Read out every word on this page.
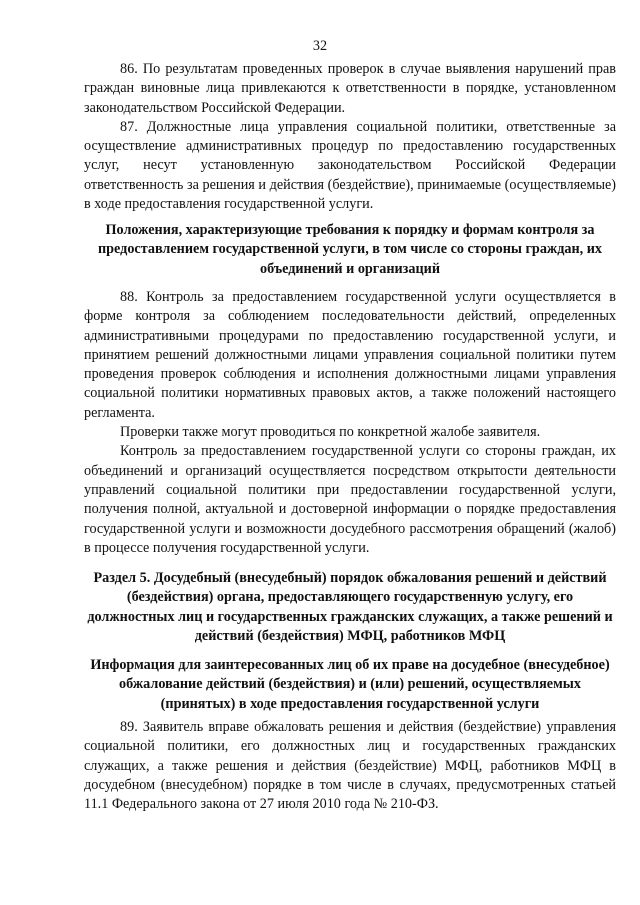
32

86. По результатам проведенных проверок в случае выявления нарушений прав граждан виновные лица привлекаются к ответственности в порядке, установленном законодательством Российской Федерации.

87. Должностные лица управления социальной политики, ответственные за осуществление административных процедур по предоставлению государственных услуг, несут установленную законодательством Российской Федерации ответственность за решения и действия (бездействие), принимаемые (осуществляемые) в ходе предоставления государственной услуги.

Положения, характеризующие требования к порядку и формам контроля за предоставлением государственной услуги, в том числе со стороны граждан, их объединений и организаций

88. Контроль за предоставлением государственной услуги осуществляется в форме контроля за соблюдением последовательности действий, определенных административными процедурами по предоставлению государственной услуги, и принятием решений должностными лицами управления социальной политики путем проведения проверок соблюдения и исполнения должностными лицами управления социальной политики нормативных правовых актов, а также положений настоящего регламента.

Проверки также могут проводиться по конкретной жалобе заявителя.

Контроль за предоставлением государственной услуги со стороны граждан, их объединений и организаций осуществляется посредством открытости деятельности управлений социальной политики при предоставлении государственной услуги, получения полной, актуальной и достоверной информации о порядке предоставления государственной услуги и возможности досудебного рассмотрения обращений (жалоб) в процессе получения государственной услуги.

Раздел 5. Досудебный (внесудебный) порядок обжалования решений и действий (бездействия) органа, предоставляющего государственную услугу, его должностных лиц и государственных гражданских служащих, а также решений и действий (бездействия) МФЦ, работников МФЦ

Информация для заинтересованных лиц об их праве на досудебное (внесудебное) обжалование действий (бездействия) и (или) решений, осуществляемых (принятых) в ходе предоставления государственной услуги

89. Заявитель вправе обжаловать решения и действия (бездействие) управления социальной политики, его должностных лиц и государственных гражданских служащих, а также решения и действия (бездействие) МФЦ, работников МФЦ в досудебном (внесудебном) порядке в том числе в случаях, предусмотренных статьей 11.1 Федерального закона от 27 июля 2010 года № 210-ФЗ.
